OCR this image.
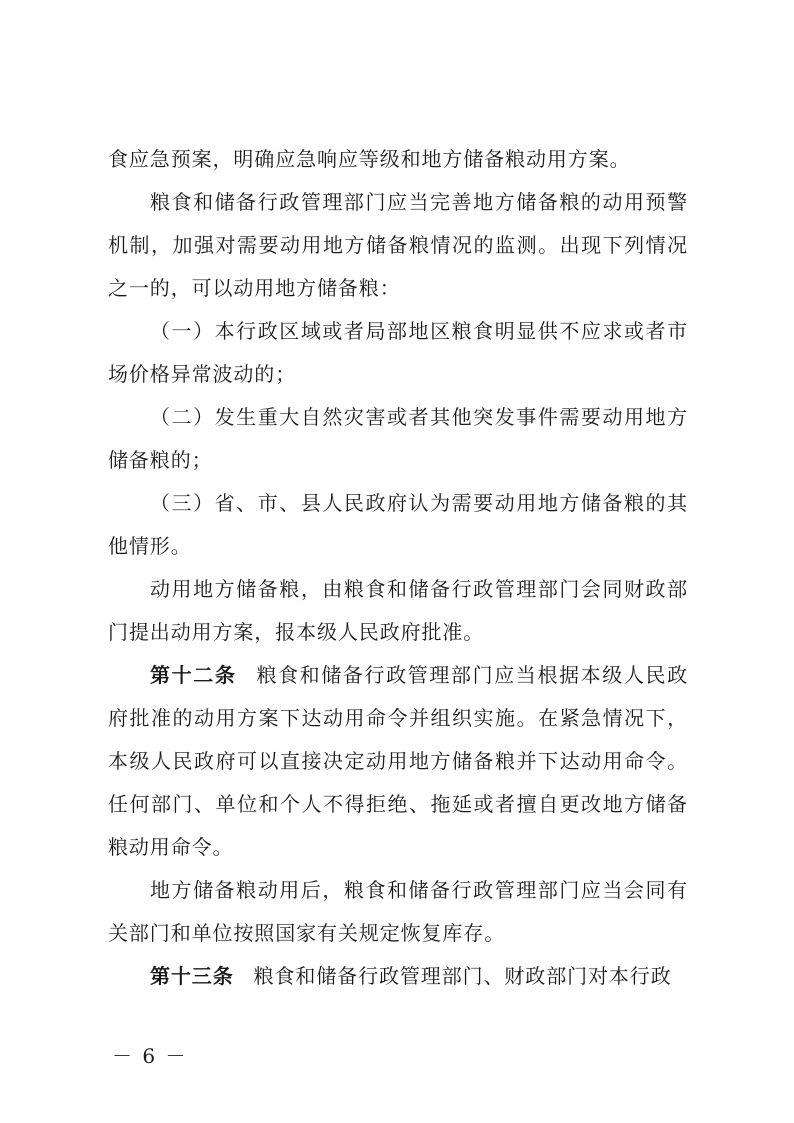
食应急预案，明确应急响应等级和地方储备粮动用方案。

粮食和储备行政管理部门应当完善地方储备粮的动用预警机制，加强对需要动用地方储备粮情况的监测。出现下列情况之一的，可以动用地方储备粮：

（一）本行政区域或者局部地区粮食明显供不应求或者市场价格异常波动的；

（二）发生重大自然灾害或者其他突发事件需要动用地方储备粮的；

（三）省、市、县人民政府认为需要动用地方储备粮的其他情形。

动用地方储备粮，由粮食和储备行政管理部门会同财政部门提出动用方案，报本级人民政府批准。

第十二条 粮食和储备行政管理部门应当根据本级人民政府批准的动用方案下达动用命令并组织实施。在紧急情况下，本级人民政府可以直接决定动用地方储备粮并下达动用命令。任何部门、单位和个人不得拒绝、拖延或者擅自更改地方储备粮动用命令。

地方储备粮动用后，粮食和储备行政管理部门应当会同有关部门和单位按照国家有关规定恢复库存。

第十三条 粮食和储备行政管理部门、财政部门对本行政

－ 6 －
